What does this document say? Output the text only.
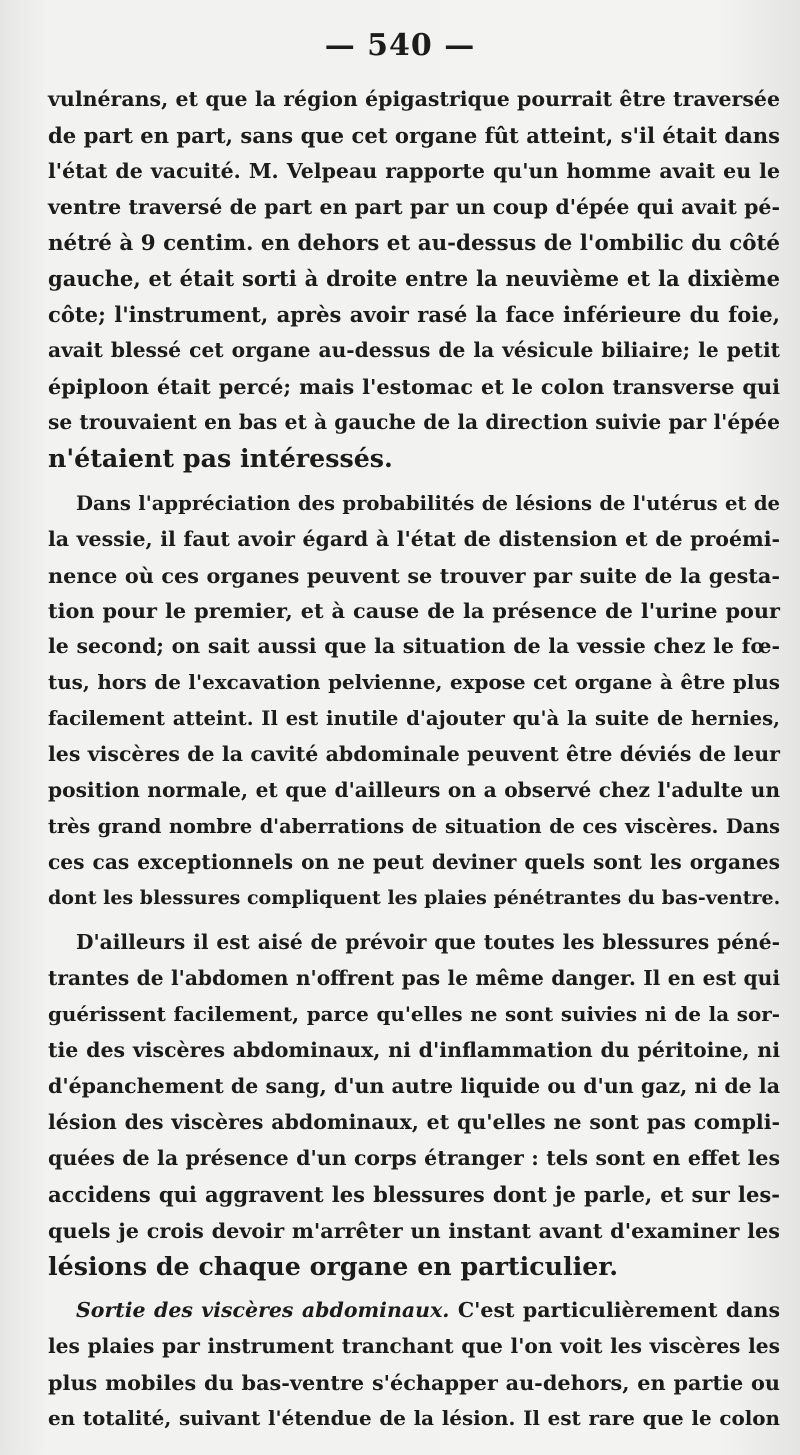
— 540 —
vulnérans, et que la région épigastrique pourrait être traversée
de part en part, sans que cet organe fût atteint, s'il était dans
l'état de vacuité. M. Velpeau rapporte qu'un homme avait eu le
ventre traversé de part en part par un coup d'épée qui avait pé-
nétré à 9 centim. en dehors et au-dessus de l'ombilic du côté
gauche, et était sorti à droite entre la neuvième et la dixième
côte; l'instrument, après avoir rasé la face inférieure du foie,
avait blessé cet organe au-dessus de la vésicule biliaire; le petit
épiploon était percé; mais l'estomac et le colon transverse qui
se trouvaient en bas et à gauche de la direction suivie par l'épée
n'étaient pas intéressés.
Dans l'appréciation des probabilités de lésions de l'utérus et de
la vessie, il faut avoir égard à l'état de distension et de proémi-
nence où ces organes peuvent se trouver par suite de la gesta-
tion pour le premier, et à cause de la présence de l'urine pour
le second; on sait aussi que la situation de la vessie chez le fœ-
tus, hors de l'excavation pelvienne, expose cet organe à être plus
facilement atteint. Il est inutile d'ajouter qu'à la suite de hernies,
les viscères de la cavité abdominale peuvent être déviés de leur
position normale, et que d'ailleurs on a observé chez l'adulte un
très grand nombre d'aberrations de situation de ces viscères. Dans
ces cas exceptionnels on ne peut deviner quels sont les organes
dont les blessures compliquent les plaies pénétrantes du bas-ventre.
D'ailleurs il est aisé de prévoir que toutes les blessures péné-
trantes de l'abdomen n'offrent pas le même danger. Il en est qui
guérissent facilement, parce qu'elles ne sont suivies ni de la sor-
tie des viscères abdominaux, ni d'inflammation du péritoine, ni
d'épanchement de sang, d'un autre liquide ou d'un gaz, ni de la
lésion des viscères abdominaux, et qu'elles ne sont pas compli-
quées de la présence d'un corps étranger : tels sont en effet les
accidens qui aggravent les blessures dont je parle, et sur les-
quels je crois devoir m'arrêter un instant avant d'examiner les
lésions de chaque organe en particulier.
Sortie des viscères abdominaux. C'est particulièrement dans
les plaies par instrument tranchant que l'on voit les viscères les
plus mobiles du bas-ventre s'échapper au-dehors, en partie ou
en totalité, suivant l'étendue de la lésion. Il est rare que le colon
